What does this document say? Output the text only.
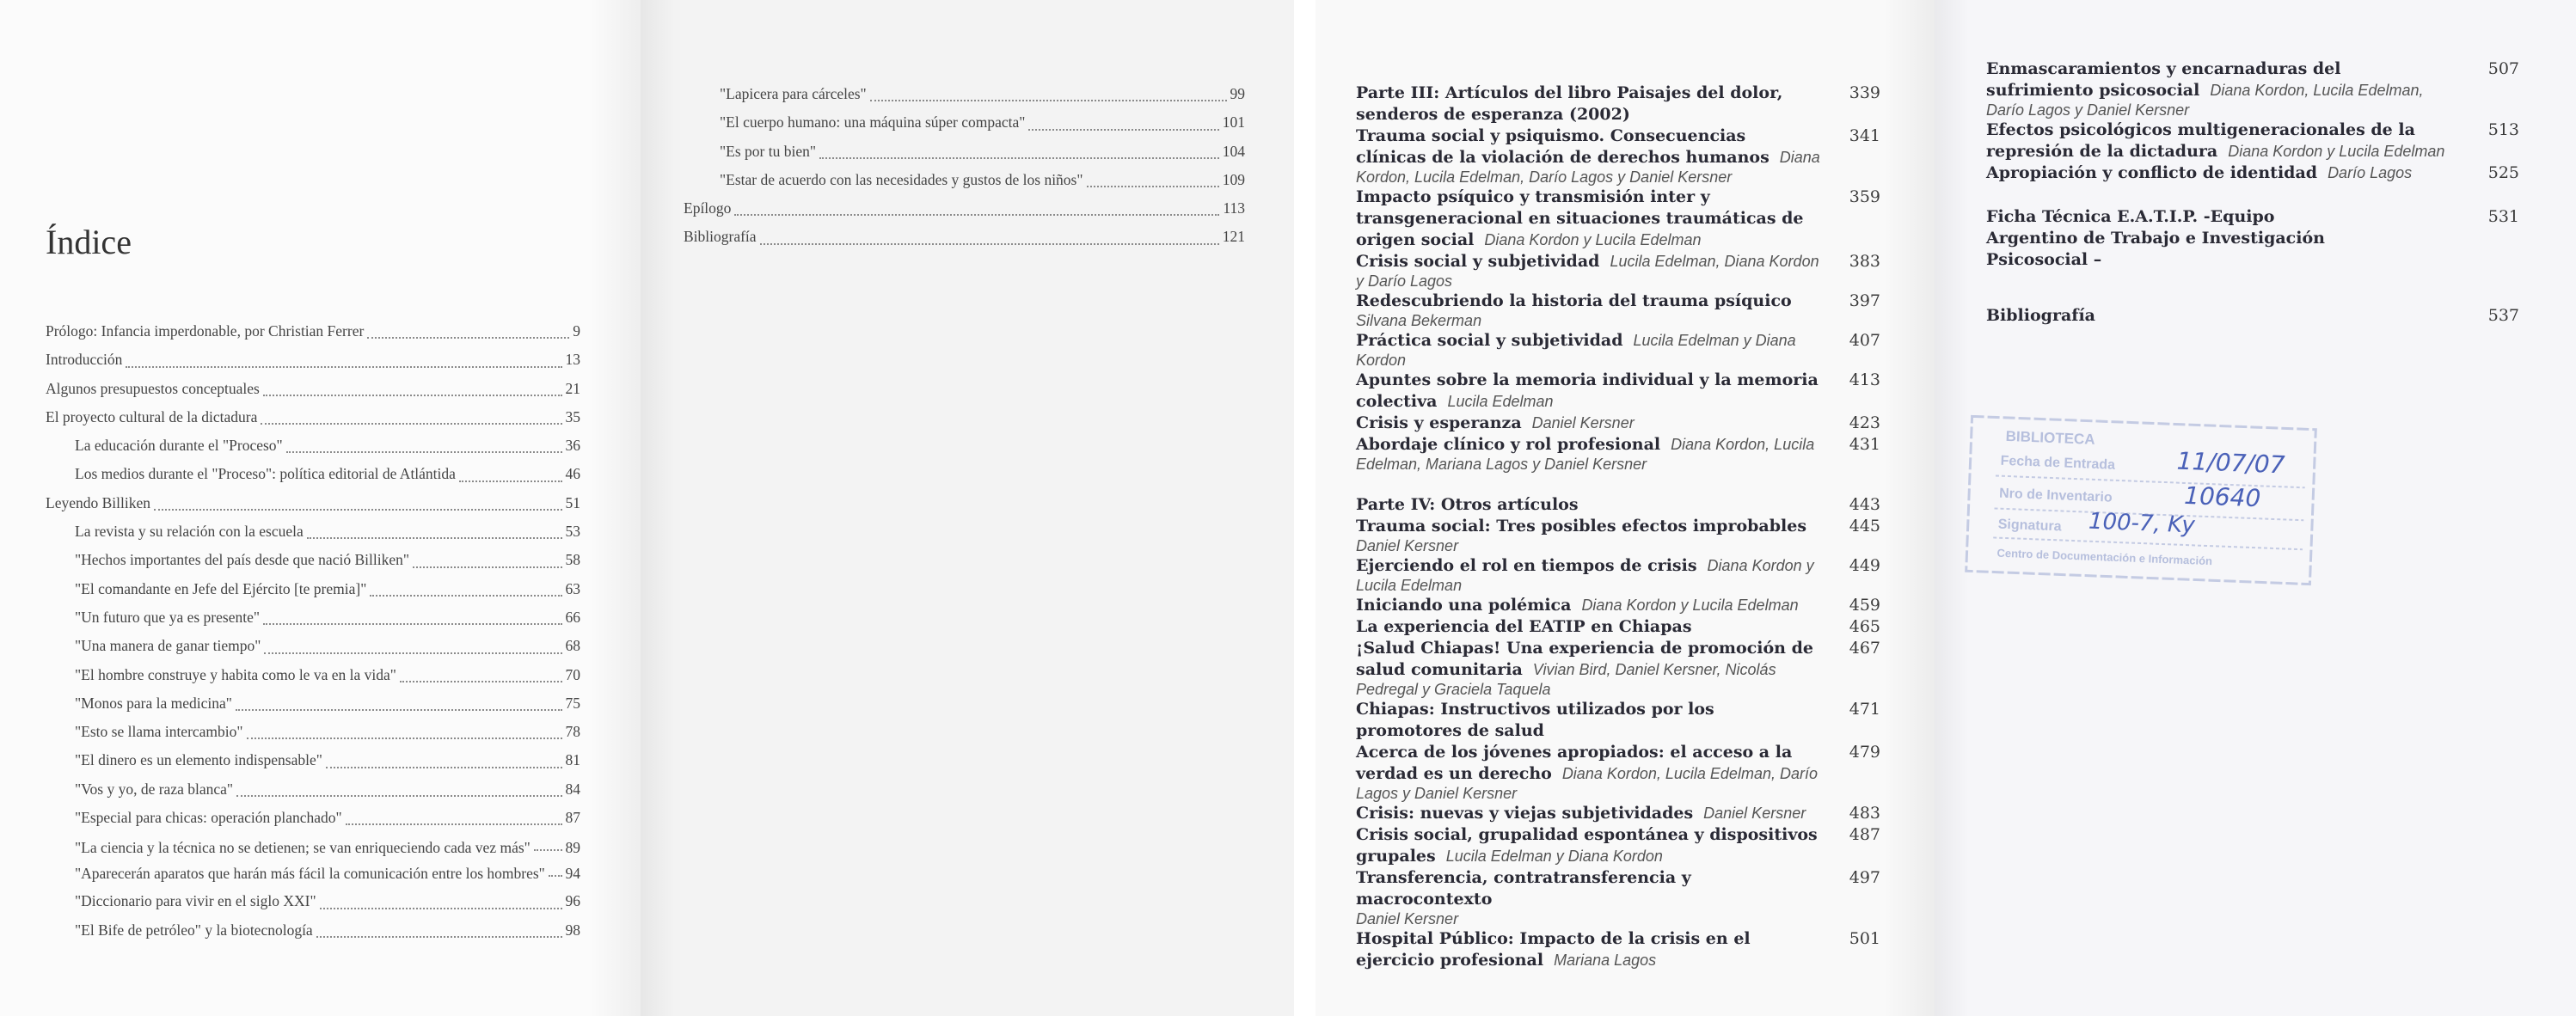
Índice
Prólogo: Infancia imperdonable, por Christian Ferrer	9
Introducción	13
Algunos presupuestos conceptuales	21
El proyecto cultural de la dictadura	35
La educación durante el "Proceso"	36
Los medios durante el "Proceso": política editorial de Atlántida	46
Leyendo Billiken	51
La revista y su relación con la escuela	53
"Hechos importantes del país desde que nació Billiken"	58
"El comandante en Jefe del Ejército [te premia]"	63
"Un futuro que ya es presente"	66
"Una manera de ganar tiempo"	68
"El hombre construye y habita como le va en la vida"	70
"Monos para la medicina"	75
"Esto se llama intercambio"	78
"El dinero es un elemento indispensable"	81
"Vos y yo, de raza blanca"	84
"Especial para chicas: operación planchado"	87
"La ciencia y la técnica no se detienen; se van enriqueciendo cada vez más" 89
"Aparecerán aparatos que harán más fácil la comunicación entre los hombres" 94
"Diccionario para vivir en el siglo XXI"	96
"El Bife de petróleo" y la biotecnología	98
"Lapicera para cárceles"	99
"El cuerpo humano: una máquina súper compacta"	101
"Es por tu bien"	104
"Estar de acuerdo con las necesidades y gustos de los niños"	109
Epílogo	113
Bibliografía	121
Parte III: Artículos del libro Paisajes del dolor, senderos de esperanza (2002)
339
Trauma social y psiquismo. Consecuencias clínicas de la violación de derechos humanos Diana Kordon, Lucila Edelman, Darío Lagos y Daniel Kersner
341
Impacto psíquico y transmisión inter y transgeneracional en situaciones traumáticas de origen social Diana Kordon y Lucila Edelman
359
Crisis social y subjetividad Lucila Edelman, Diana Kordon y Darío Lagos
383
Redescubriendo la historia del trauma psíquico
Silvana Bekerman
397
Práctica social y subjetividad Lucila Edelman y Diana Kordon
407
Apuntes sobre la memoria individual y la memoria colectiva Lucila Edelman
413
Crisis y esperanza Daniel Kersner	423
Abordaje clínico y rol profesional Diana Kordon, Lucila Edelman, Mariana Lagos y Daniel Kersner
431
Parte IV: Otros artículos	443
Trauma social: Tres posibles efectos improbables
Daniel Kersner
445
Ejerciendo el rol en tiempos de crisis Diana Kordon y Lucila Edelman
449
Iniciando una polémica Diana Kordon y Lucila Edelman	459
La experiencia del EATIP en Chiapas	465
¡Salud Chiapas! Una experiencia de promoción de salud comunitaria Vivian Bird, Daniel Kersner, Nicolás Pedregal y Graciela Taquela
467
Chiapas: Instructivos utilizados por los promotores de salud
471
Acerca de los jóvenes apropiados: el acceso a la verdad es un derecho Diana Kordon, Lucila Edelman, Darío Lagos y Daniel Kersner
479
Crisis: nuevas y viejas subjetividades Daniel Kersner	483
Crisis social, grupalidad espontánea y dispositivos grupales Lucila Edelman y Diana Kordon
487
Transferencia, contratransferencia y macrocontexto
Daniel Kersner
497
Hospital Público: Impacto de la crisis en el ejercicio profesional Mariana Lagos
501
Enmascaramientos y encarnaduras del sufrimiento psicosocial Diana Kordon, Lucila Edelman, Darío Lagos y Daniel Kersner
507
Efectos psicológicos multigeneracionales de la represión de la dictadura Diana Kordon y Lucila Edelman
513
Apropiación y conflicto de identidad Darío Lagos	525
Ficha Técnica E.A.T.I.P. -Equipo Argentino de Trabajo e Investigación Psicosocial –
531
Bibliografía	537
BIBLIOTECA
Fecha de Entrada	11/07/07
Nro de Inventario	10640
Signatura 100-7, Ky
Centro de Documentación e Información
